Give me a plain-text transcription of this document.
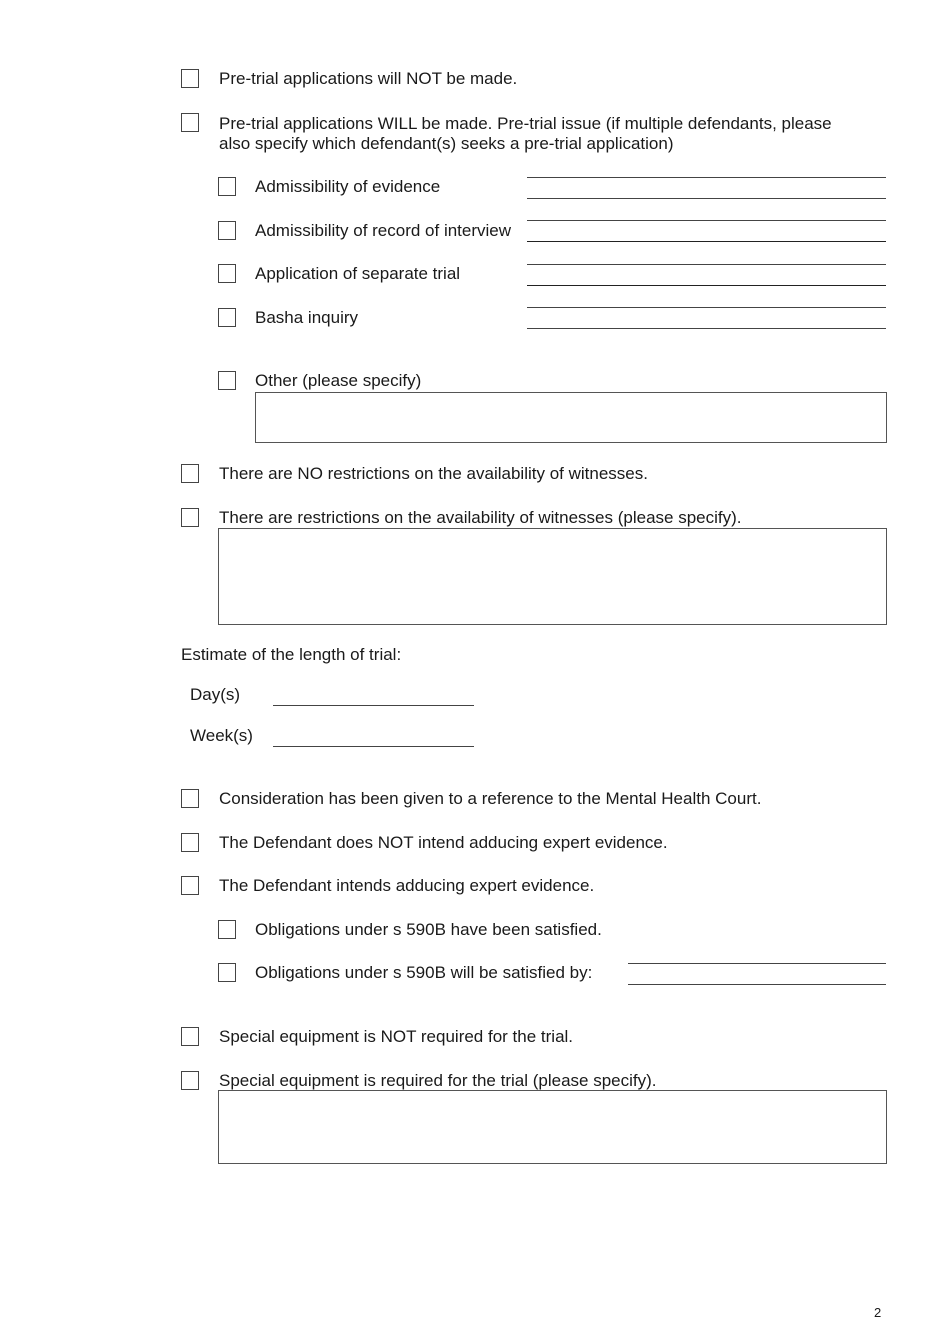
Pre-trial applications will NOT be made.
Pre-trial applications WILL be made. Pre-trial issue (if multiple defendants, please
also specify which defendant(s) seeks a pre-trial application)
Admissibility of evidence
Admissibility of record of interview
Application of separate trial
Basha inquiry
Other (please specify)
There are NO restrictions on the availability of witnesses.
There are restrictions on the availability of witnesses (please specify).
Estimate of the length of trial:
Day(s)
Week(s)
Consideration has been given to a reference to the Mental Health Court.
The Defendant does NOT intend adducing expert evidence.
The Defendant intends adducing expert evidence.
Obligations under s 590B have been satisfied.
Obligations under s 590B will be satisfied by:
Special equipment is NOT required for the trial.
Special equipment is required for the trial (please specify).
2
